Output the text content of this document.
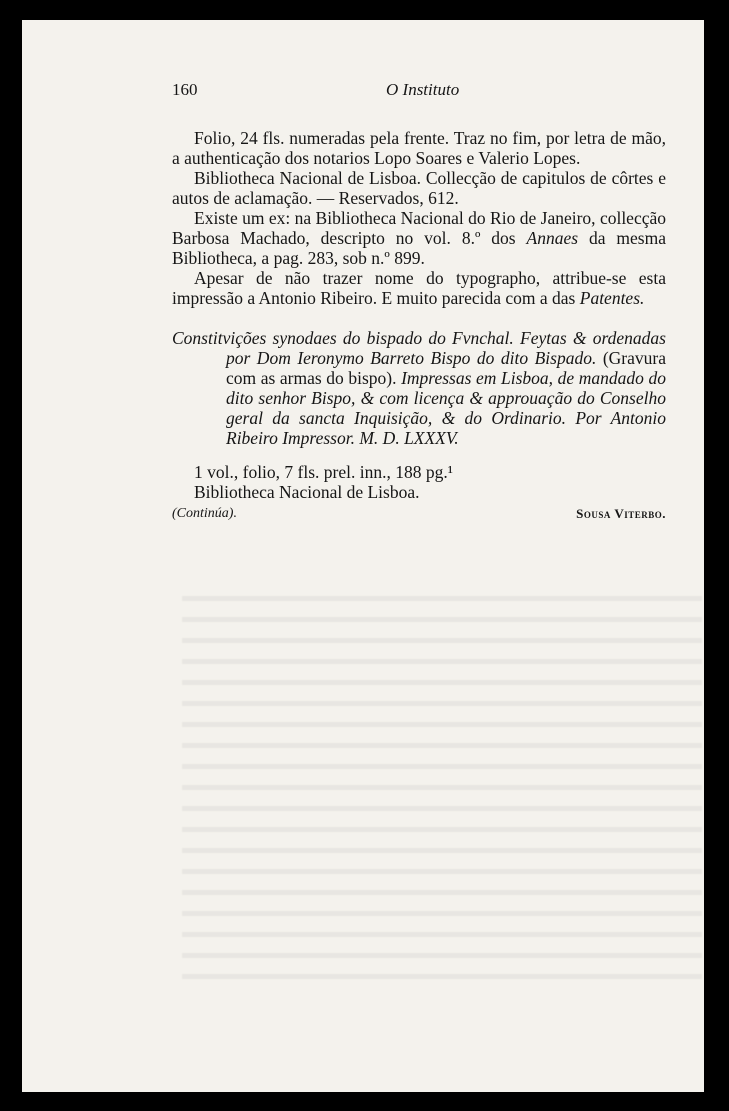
160	O Instituto

Folio, 24 fls. numeradas pela frente. Traz no fim, por letra de mão, a authenticação dos notarios Lopo Soares e Valerio Lopes.

Bibliotheca Nacional de Lisboa. Collecção de capitulos de côrtes e autos de aclamação. — Reservados, 612.

Existe um ex: na Bibliotheca Nacional do Rio de Janeiro, collecção Barbosa Machado, descripto no vol. 8.º dos Annaes da mesma Bibliotheca, a pag. 283, sob n.º 899.

Apesar de não trazer nome do typographo, attribue-se esta impressão a Antonio Ribeiro. E muito parecida com a das Patentes.

Constitvições synodaes do bispado do Fvnchal. Feytas & ordenadas por Dom Ieronymo Barreto Bispo do dito Bispado. (Gravura com as armas do bispo). Impressas em Lisboa, de mandado do dito senhor Bispo, & com licença & approuação do Conselho geral da sancta Inquisição, & do Ordinario. Por Antonio Ribeiro Impressor. M. D. LXXXV.

1 vol., folio, 7 fls. prel. inn., 188 pg.¹

Bibliotheca Nacional de Lisboa.

(Continúa).	Sousa Viterbo.
